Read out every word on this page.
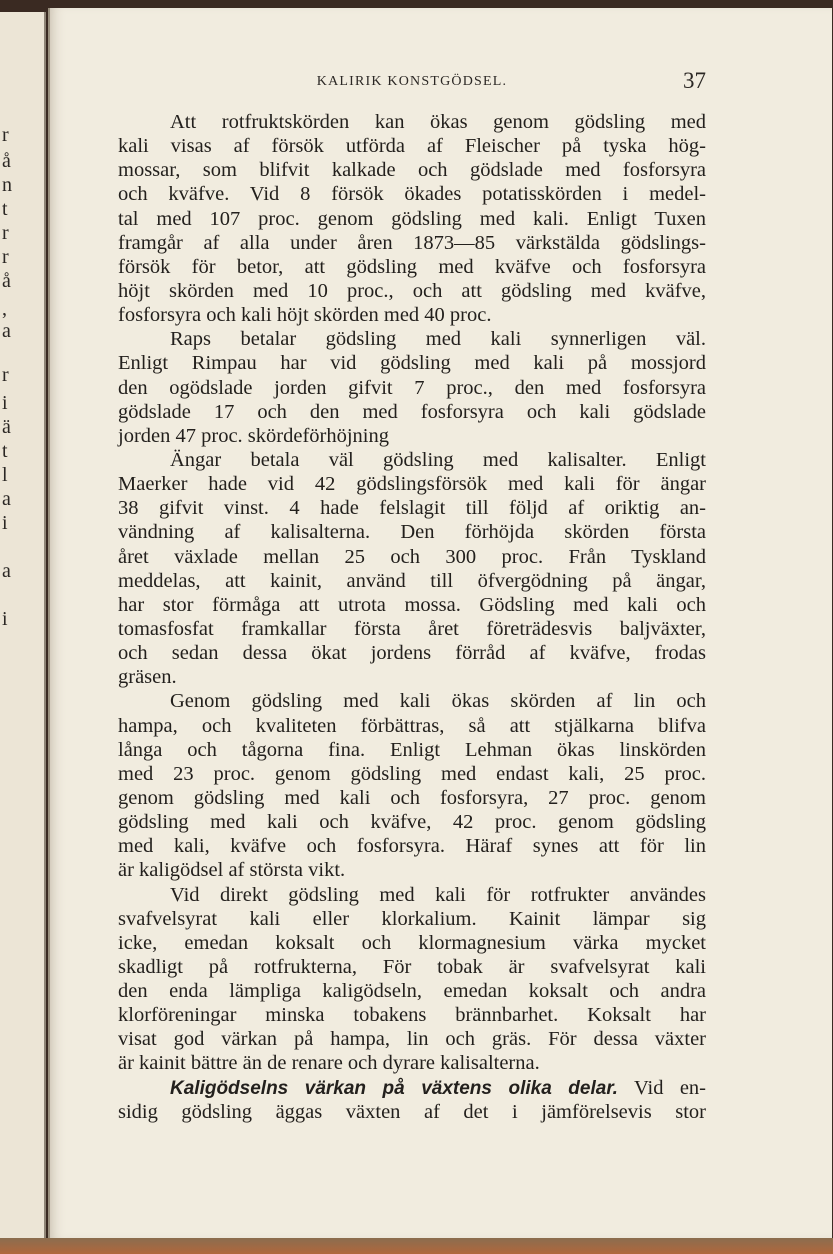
r
å
n
t
r
r
å
,
a
r
i
ä
t
l
a
i
a
i
KALIRIK KONSTGÖDSEL.	37
Att rotfruktskörden kan ökas genom gödsling med
kali visas af försök utförda af Fleischer på tyska hög-
mossar, som blifvit kalkade och gödslade med fosforsyra
och kväfve. Vid 8 försök ökades potatisskörden i medel-
tal med 107 proc. genom gödsling med kali. Enligt Tuxen
framgår af alla under åren 1873—85 värkstälda gödslings-
försök för betor, att gödsling med kväfve och fosforsyra
höjt skörden med 10 proc., och att gödsling med kväfve,
fosforsyra och kali höjt skörden med 40 proc.
Raps betalar gödsling med kali synnerligen väl.
Enligt Rimpau har vid gödsling med kali på mossjord
den ogödslade jorden gifvit 7 proc., den med fosforsyra
gödslade 17 och den med fosforsyra och kali gödslade
jorden 47 proc. skördeförhöjning
Ängar betala väl gödsling med kalisalter. Enligt
Maerker hade vid 42 gödslingsförsök med kali för ängar
38 gifvit vinst. 4 hade felslagit till följd af oriktig an-
vändning af kalisalterna. Den förhöjda skörden första
året växlade mellan 25 och 300 proc. Från Tyskland
meddelas, att kainit, använd till öfvergödning på ängar,
har stor förmåga att utrota mossa. Gödsling med kali och
tomasfosfat framkallar första året företrädesvis baljväxter,
och sedan dessa ökat jordens förråd af kväfve, frodas
gräsen.
Genom gödsling med kali ökas skörden af lin och
hampa, och kvaliteten förbättras, så att stjälkarna blifva
långa och tågorna fina. Enligt Lehman ökas linskörden
med 23 proc. genom gödsling med endast kali, 25 proc.
genom gödsling med kali och fosforsyra, 27 proc. genom
gödsling med kali och kväfve, 42 proc. genom gödsling
med kali, kväfve och fosforsyra. Häraf synes att för lin
är kaligödsel af största vikt.
Vid direkt gödsling med kali för rotfrukter användes
svafvelsyrat kali eller klorkalium. Kainit lämpar sig
icke, emedan koksalt och klormagnesium värka mycket
skadligt på rotfrukterna, För tobak är svafvelsyrat kali
den enda lämpliga kaligödseln, emedan koksalt och andra
klorföreningar minska tobakens brännbarhet. Koksalt har
visat god värkan på hampa, lin och gräs. För dessa växter
är kainit bättre än de renare och dyrare kalisalterna.
Kaligödselns värkan på växtens olika delar. Vid en-
sidig gödsling äggas växten af det i jämförelsevis stor
